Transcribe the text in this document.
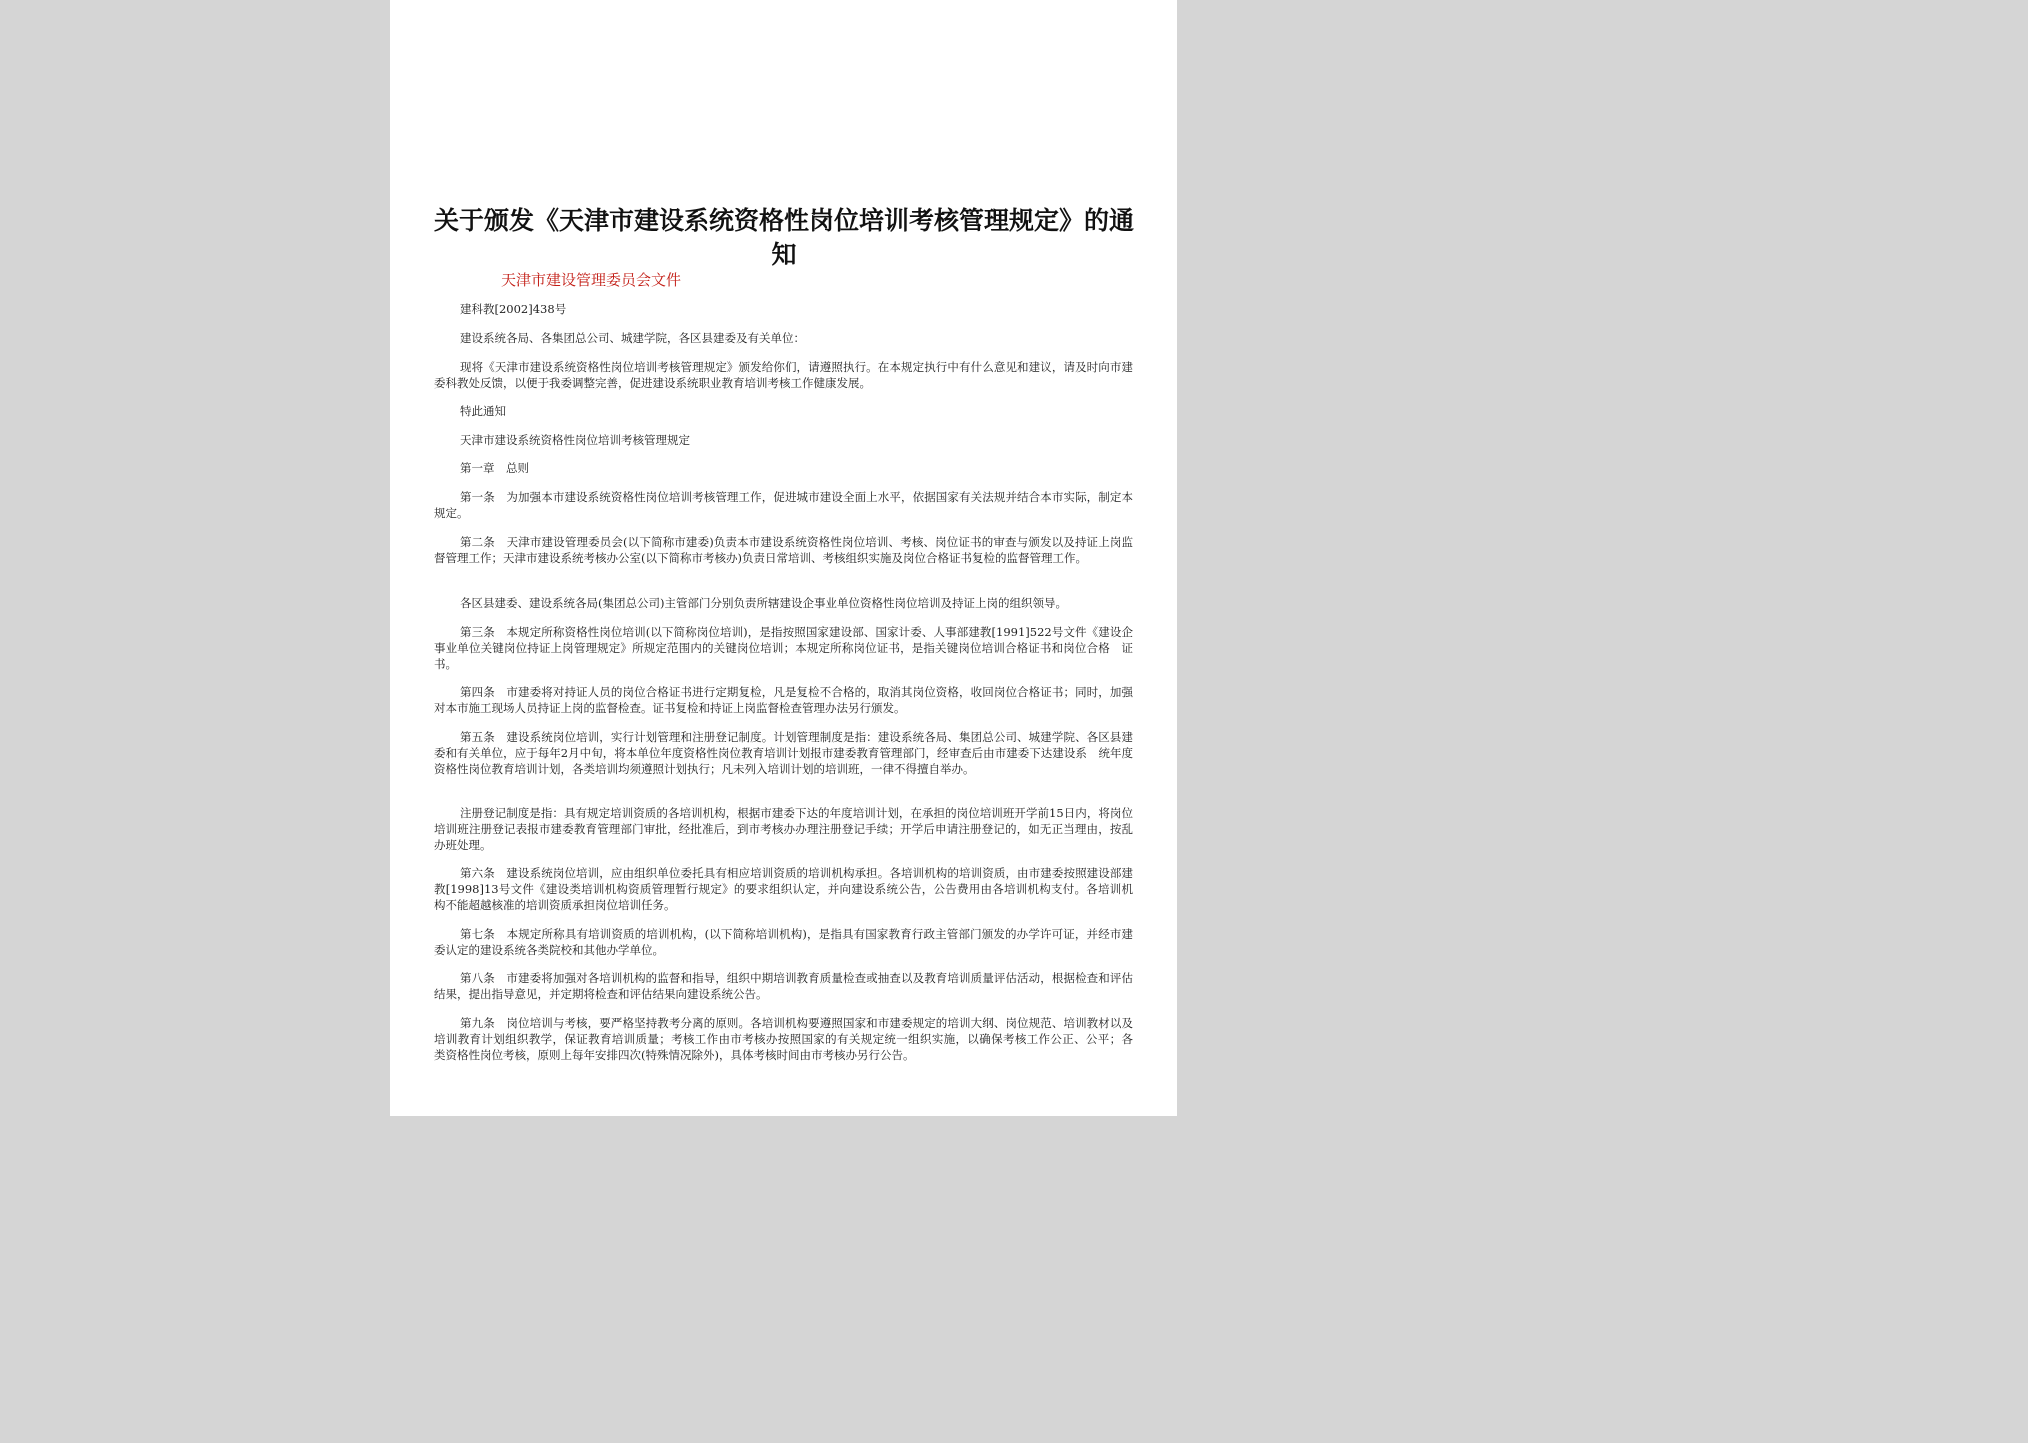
关于颁发《天津市建设系统资格性岗位培训考核管理规定》的通知
天津市建设管理委员会文件

建科教[2002]438号

建设系统各局、各集团总公司、城建学院，各区县建委及有关单位：

现将《天津市建设系统资格性岗位培训考核管理规定》颁发给你们，请遵照执行。在本规定执行中有什么意见和建议，请及时向市建委科教处反馈，以便于我委调整完善，促进建设系统职业教育培训考核工作健康发展。

特此通知

天津市建设系统资格性岗位培训考核管理规定

第一章　总则

第一条　为加强本市建设系统资格性岗位培训考核管理工作，促进城市建设全面上水平，依据国家有关法规并结合本市实际，制定本规定。

第二条　天津市建设管理委员会(以下简称市建委)负责本市建设系统资格性岗位培训、考核、岗位证书的审查与颁发以及持证上岗监督管理工作；天津市建设系统考核办公室(以下简称市考核办)负责日常培训、考核组织实施及岗位合格证书复检的监督管理工作。

各区县建委、建设系统各局(集团总公司)主管部门分别负责所辖建设企事业单位资格性岗位培训及持证上岗的组织领导。

第三条　本规定所称资格性岗位培训(以下简称岗位培训)，是指按照国家建设部、国家计委、人事部建教[1991]522号文件《建设企事业单位关键岗位持证上岗管理规定》所规定范围内的关键岗位培训；本规定所称岗位证书，是指关键岗位培训合格证书和岗位合格　证书。

第四条　市建委将对持证人员的岗位合格证书进行定期复检，凡是复检不合格的，取消其岗位资格，收回岗位合格证书；同时，加强对本市施工现场人员持证上岗的监督检查。证书复检和持证上岗监督检查管理办法另行颁发。

第五条　建设系统岗位培训，实行计划管理和注册登记制度。计划管理制度是指：建设系统各局、集团总公司、城建学院、各区县建委和有关单位，应于每年2月中旬，将本单位年度资格性岗位教育培训计划报市建委教育管理部门，经审查后由市建委下达建设系　统年度资格性岗位教育培训计划，各类培训均须遵照计划执行；凡未列入培训计划的培训班，一律不得擅自举办。

注册登记制度是指：具有规定培训资质的各培训机构，根据市建委下达的年度培训计划，在承担的岗位培训班开学前15日内，将岗位培训班注册登记表报市建委教育管理部门审批，经批准后，到市考核办办理注册登记手续；开学后申请注册登记的，如无正当理由，按乱办班处理。

第六条　建设系统岗位培训，应由组织单位委托具有相应培训资质的培训机构承担。各培训机构的培训资质，由市建委按照建设部建教[1998]13号文件《建设类培训机构资质管理暂行规定》的要求组织认定，并向建设系统公告，公告费用由各培训机构支付。各培训机　构不能超越核准的培训资质承担岗位培训任务。

第七条　本规定所称具有培训资质的培训机构，(以下简称培训机构)，是指具有国家教育行政主管部门颁发的办学许可证，并经市建委认定的建设系统各类院校和其他办学单位。

第八条　市建委将加强对各培训机构的监督和指导，组织中期培训教育质量检查或抽查以及教育培训质量评估活动，根据检查和评估结果，提出指导意见，并定期将检查和评估结果向建设系统公告。

第九条　岗位培训与考核，要严格坚持教考分离的原则。各培训机构要遵照国家和市建委规定的培训大纲、岗位规范、培训教材以及培训教育计划组织教学，保证教育培训质量；考核工作由市考核办按照国家的有关规定统一组织实施，以确保考核工作公正、公平；各　类资格性岗位考核，原则上每年安排四次(特殊情况除外)，具体考核时间由市考核办另行公告。
